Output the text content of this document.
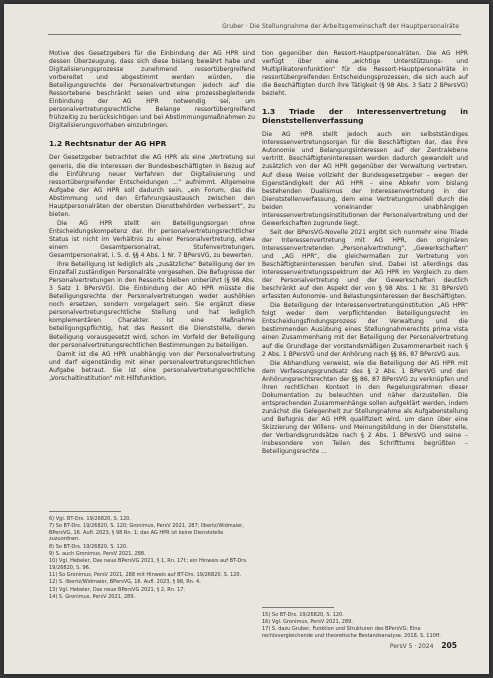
Gruber · Die Stellungnahme der Arbeitsgemeinschaft der Hauptpersonalräte

Motive des Gesetzgebers für die Einbindung der AG HPR sind dessen Überzeugung, dass sich diese bislang bewährt habe und Digitalisierungsprozesse zunehmend ressortübergreifend vorbereitet und abgestimmt werden würden, die Beteiligungsrechte der Personalvertretungen jedoch auf die Ressortebene beschränkt seien und eine prozessbegleitende Einbindung der AG HPR notwendig sei, um personalvertretungsrechtliche Belange ressortübergreifend frühzeitig zu berücksichtigen und bei Abstimmungsmaßnahmen zu Digitalisierungsvorhaben einzubringen.

1.2 Rechtsnatur der AG HPR

Der Gesetzgeber betrachtet die AG HPR als eine „Vertretung sui generis, die die Interessen der Bundesbeschäftigten in Bezug auf die Einführung neuer Verfahren der Digitalisierung und ressortübergreifender Entscheidungen ...“ aufnimmt. Allgemeine Aufgabe der AG HPR soll dadurch sein, „ein Forum, das die Abstimmung und den Erfahrungsaustausch zwischen den Hauptpersonalräten der obersten Dienstbehörden verbessert“, zu bieten.

Die AG HPR stellt ein Beteiligungsorgan ohne Entscheidungskompetenz dar. Ihr personalvertretungsrechtlicher Status ist nicht im Verhältnis zu einer Personalvertretung, etwa einem Gesamtpersonalrat, Stufenvertretungen, Gesamtpersonalrat, i. S. d. §§ 4 Abs. 1 Nr. 7 BPersVG, zu bewerten.

Ihre Beteiligung ist lediglich als „zusätzliche“ Beteiligung der im Einzelfall zuständigen Personalräte vorgesehen. Die Befugnisse der Personalvertretungen in den Ressorts bleiben unberührt (§ 98 Abs. 3 Satz 1 BPersVG). Die Einbindung der AG HPR müsste die Beteiligungsrechte der Personalvertretungen weder aushöhlen noch ersetzen, sondern vorgelagert sein. Sie ergänzt diese personalvertretungsrechtliche Stellung und hat lediglich komplementären Charakter. Ist eine Maßnahme beteiligungspflichtig, hat das Ressort die Dienststelle, deren Beteiligung vorausgesetzt wird, schon im Vorfeld der Beteiligung der personalvertretungsrechtlichen Bestimmungen zu beteiligen.

Damit ist die AG HPR unabhängig von der Personalvertretung und darf eigenständig mit einer personalvertretungsrechtlichen Aufgabe betraut. Sie ist eine personalvertretungsrechtliche „Vorschaltinstitution“ mit Hilfsfunktion.

6) Vgl. BT-Drs. 19/26820, S. 120.
7) So BT-Drs. 19/26820, S. 120; Gronimus, PersV 2021, 287; Ilbertz/Widmaier, BPersVG, 16. Aufl. 2023, § 98 Rn. 1; das AG HPR ist keine Dienststelle zuzuordnen.
8) So BT-Drs. 19/26820, S. 120.
9) S. auch Gronimus, PersV 2021, 288.
10) Vgl. Hebeler, Das neue BPersVG 2021, § 1, Rn. 17f.; ein Hinweis auf BT-Drs. 19/26820, S. 96.
11) So Gronimus, PersV 2021, 288 mit Hinweis auf BT-Drs. 19/26820, S. 120.
12) S. Ilbertz/Widmaier, BPersVG, 16. Aufl. 2023, § 98, Rn. 4.
13) Vgl. Hebeler, Das neue BPersVG 2021, § 2, Rn. 17.
14) S. Gronimus, PersV 2021, 289.

tion gegenüber den Ressort-Hauptpersonalräten. Die AG HPR verfügt über eine „wichtige Unterstützungs- und Multiplikatorenfunktion“ für die Ressort-Hauptpersonalräte in ressortübergreifenden Entscheidungsprozessen, die sich auch auf die Beschäftigten durch ihre Tätigkeit (§ 98 Abs. 3 Satz 2 BPersVG) bezieht.

1.3 Triade der Interessenvertretung in Dienststellenverfassung

Die AG HPR stellt jedoch auch ein selbstständiges Interessenvertretungsorgan für die Beschäftigten dar, das ihre Autonomie und Belangungsinteressen auf der Zentralebene vertritt. Beschäftigteninteressen werden dadurch gewandelt und zusätzlich von der AG HPR gegenüber der Verwaltung vertreten. Auf diese Weise vollzieht der Bundesgesetzgeber – wegen der Eigenständigkeit der AG HPR – eine Abkehr vom bislang bestehenden Dualismus der Interessenvertretung in der Dienststellenverfassung, dem eine Vertretungsmodell durch die beiden voneinander unabhängigen Interessenvertretungsinstitutionen der Personalvertretung und der Gewerkschaften zugrunde liegt.

Seit der BPersVG-Novelle 2021 ergibt sich nunmehr eine Triade der Interessenvertretung mit AG HPR, den originären Interessenvertretenden „Personalvertretung“, „Gewerkschaften“ und „AG HPR“, die gleichermaßen zur Vertretung von Beschäftigteninteressen berufen sind. Dabei ist allerdings das Interessenvertretungsspektrum der AG HPR im Vergleich zu dem der Personalvertretung und der Gewerkschaften deutlich beschränkt auf den Aspekt der von § 98 Abs. 1 Nr. 31 BPersVG erfassten Autonomie- und Belastungsinteressen der Beschäftigten.

Die Beteiligung der Interessenvertretungsinstitution „AG HPR“ folgt weder dem verpflichtenden Beteiligungsrecht im Entscheidungsfindungsprozess der Verwaltung und die bestimmenden Ausübung eines Stellungnahmerechts prima vista einen Zusammenhang mit der Beteiligung der Personalvertretung auf die Grundlage der vorstandsmäßigen Zusammenarbeit nach § 2 Abs. 1 BPersVG und der Anhörung nach §§ 86, 87 BPersVG aus.

Die Abhandlung verweist, wie die Beteiligung der AG HPR mit dem Verfassungsgrundsatz des § 2 Abs. 1 BPersVG und den Anhörungsrechtsrechten der §§ 86, 87 BPersVG zu verknüpfen und ihren rechtlichen Kontext in den Regelungsrahmen dieser Dokumentation zu beleuchten und näher darzustellen. Die entsprechenden Zusammenhänge sollen aufgeklärt werden, indem zunächst die Gelegenheit zur Stellungnahme als Aufgabenstellung und Befugnis der AG HPR qualifiziert wird, um dann über eine Skizzierung der Willens- und Meinungsbildung in der Dienststelle, der Verbandsgrundsätze nach § 2 Abs. 1 BPersVG und seine – insbesondere von Teilen des Schrifttums begrüßten – Beteiligungsrechte ...

15) So BT-Drs. 19/26820, S. 120.
16) Vgl. Gronimus, PersV 2021, 289.
17) S. dazu Gruber, Funktion und Strukturen des BPersVG: Eine rechtsvergleichende und theoretische Bestandsanalyse, 2018, S. 110ff.
PersV 5 · 2024 205
